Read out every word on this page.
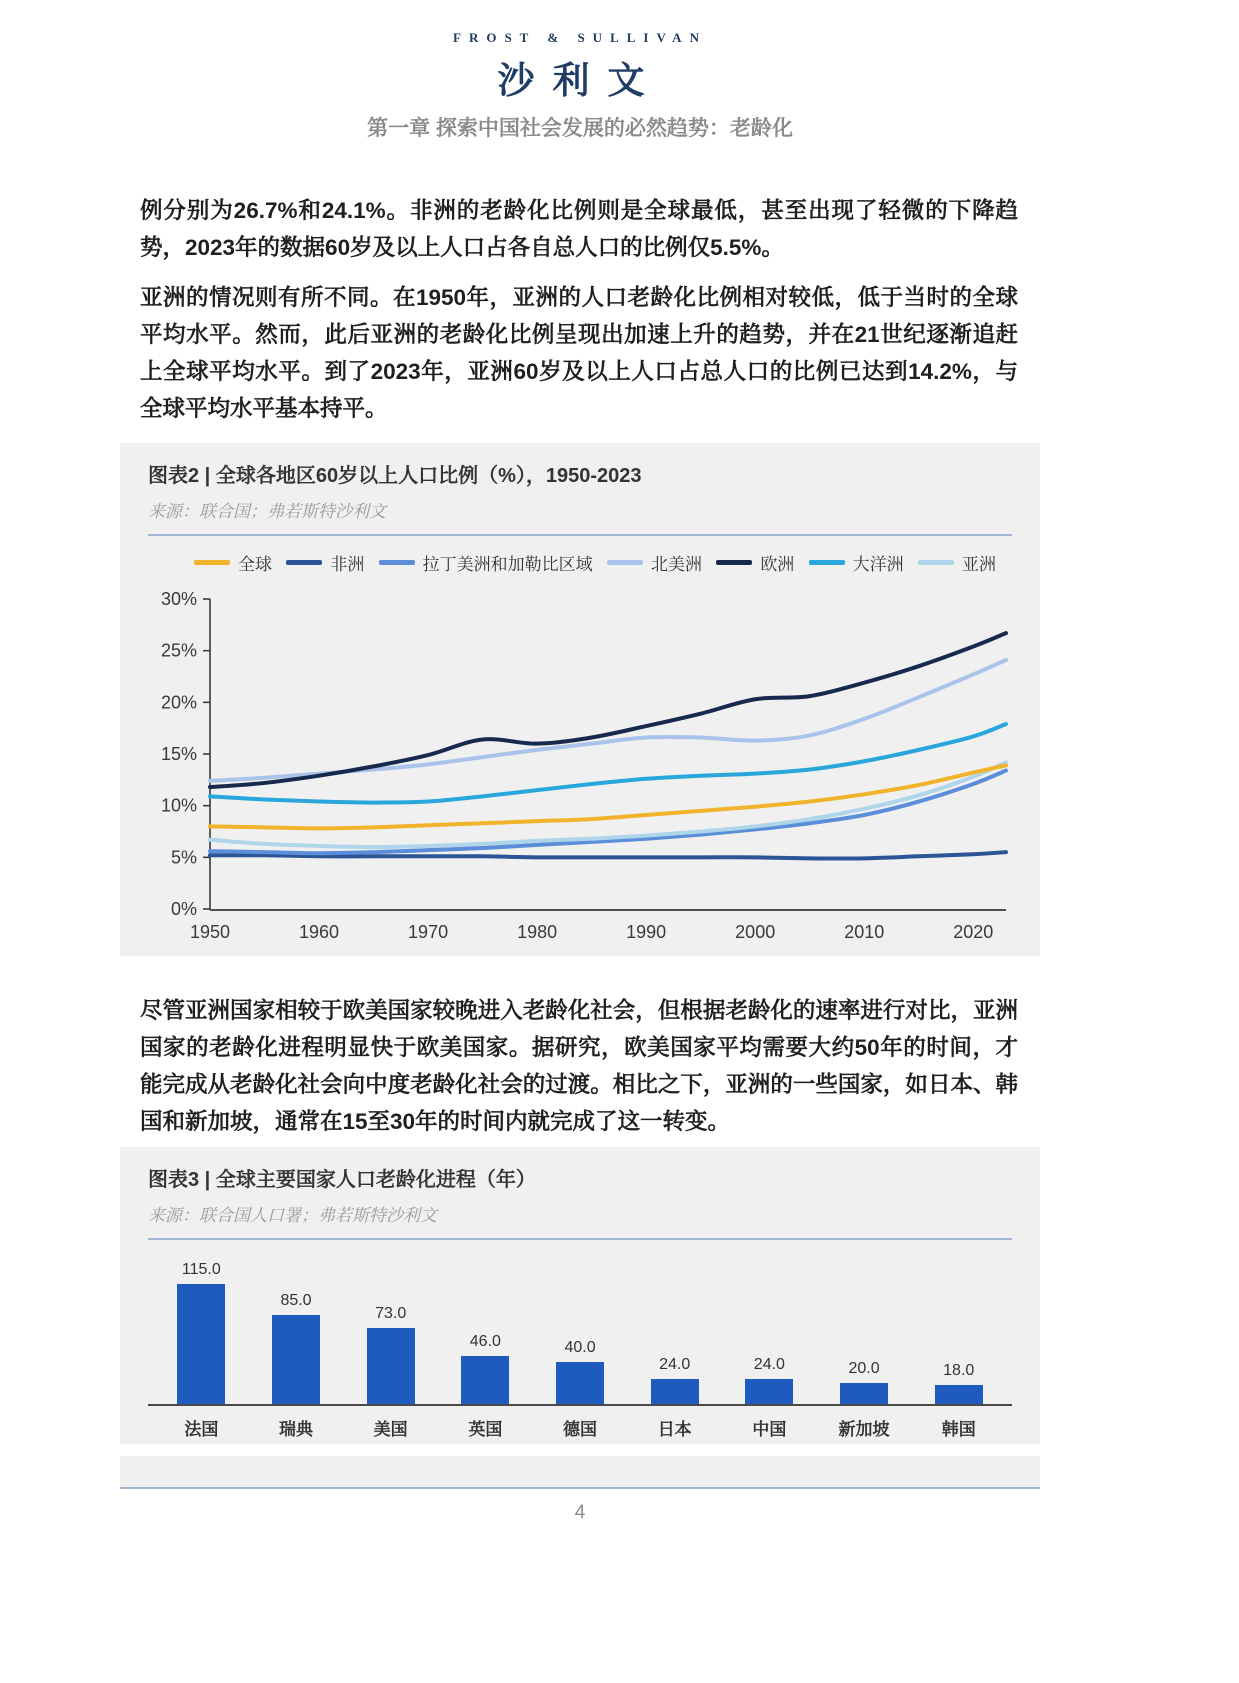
FROST & SULLIVAN
沙利文
第一章 探索中国社会发展的必然趋势：老龄化

例分别为26.7%和24.1%。非洲的老龄化比例则是全球最低，甚至出现了轻微的下降趋势，2023年的数据60岁及以上人口占各自总人口的比例仅5.5%。

亚洲的情况则有所不同。在1950年，亚洲的人口老龄化比例相对较低，低于当时的全球平均水平。然而，此后亚洲的老龄化比例呈现出加速上升的趋势，并在21世纪逐渐追赶上全球平均水平。到了2023年，亚洲60岁及以上人口占总人口的比例已达到14.2%，与全球平均水平基本持平。

图表2 | 全球各地区60岁以上人口比例（%），1950-2023
来源：联合国；弗若斯特沙利文
全球	非洲	拉丁美洲和加勒比区域	北美洲	欧洲	大洋洲	亚洲
0%
5%
10%
15%
20%
25%
30%
1950	1960	1970	1980	1990	2000	2010	2020

尽管亚洲国家相较于欧美国家较晚进入老龄化社会，但根据老龄化的速率进行对比，亚洲国家的老龄化进程明显快于欧美国家。据研究，欧美国家平均需要大约50年的时间，才能完成从老龄化社会向中度老龄化社会的过渡。相比之下，亚洲的一些国家，如日本、韩国和新加坡，通常在15至30年的时间内就完成了这一转变。

图表3 | 全球主要国家人口老龄化进程（年）
来源：联合国人口署；弗若斯特沙利文
115.0
85.0
73.0
46.0	40.0
24.0	24.0	20.0	18.0
法国	瑞典	美国	英国	德国	日本	中国	新加坡	韩国
4
